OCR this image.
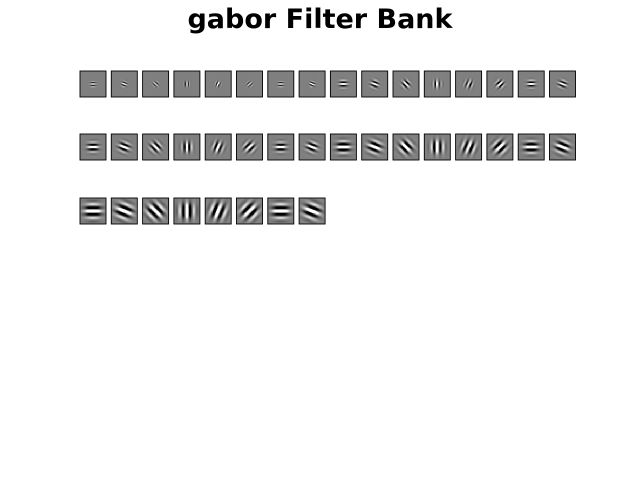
gabor Filter Bank
